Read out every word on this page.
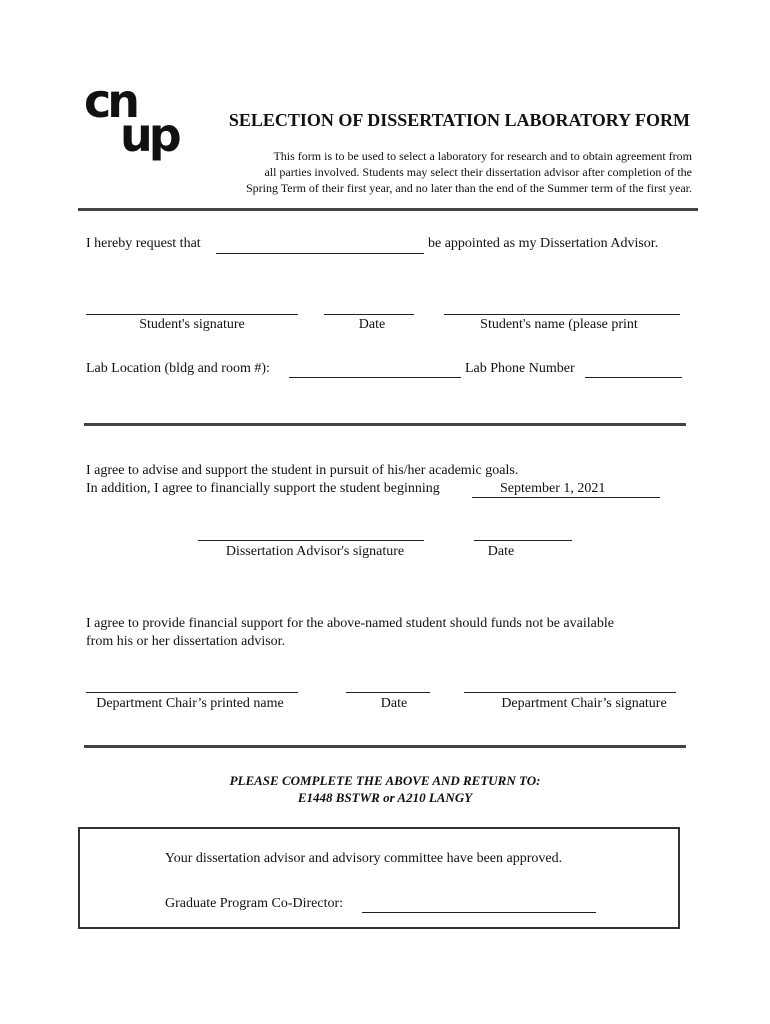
cn
up	SELECTION OF DISSERTATION LABORATORY FORM
This form is to be used to select a laboratory for research and to obtain agreement from
all parties involved. Students may select their dissertation advisor after completion of the
Spring Term of their first year, and no later than the end of the Summer term of the first year.
I hereby request that	be appointed as my Dissertation Advisor.
Student's signature	Date	Student's name (please print
Lab Location (bldg and room #):	Lab Phone Number
I agree to advise and support the student in pursuit of his/her academic goals.
In addition, I agree to financially support the student beginning	September 1, 2021
Dissertation Advisor's signature	Date
I agree to provide financial support for the above-named student should funds not be available
from his or her dissertation advisor.
Department Chair’s printed name	Date	Department Chair’s signature
PLEASE COMPLETE THE ABOVE AND RETURN TO:
E1448 BSTWR or A210 LANGY
Your dissertation advisor and advisory committee have been approved.
Graduate Program Co-Director:
